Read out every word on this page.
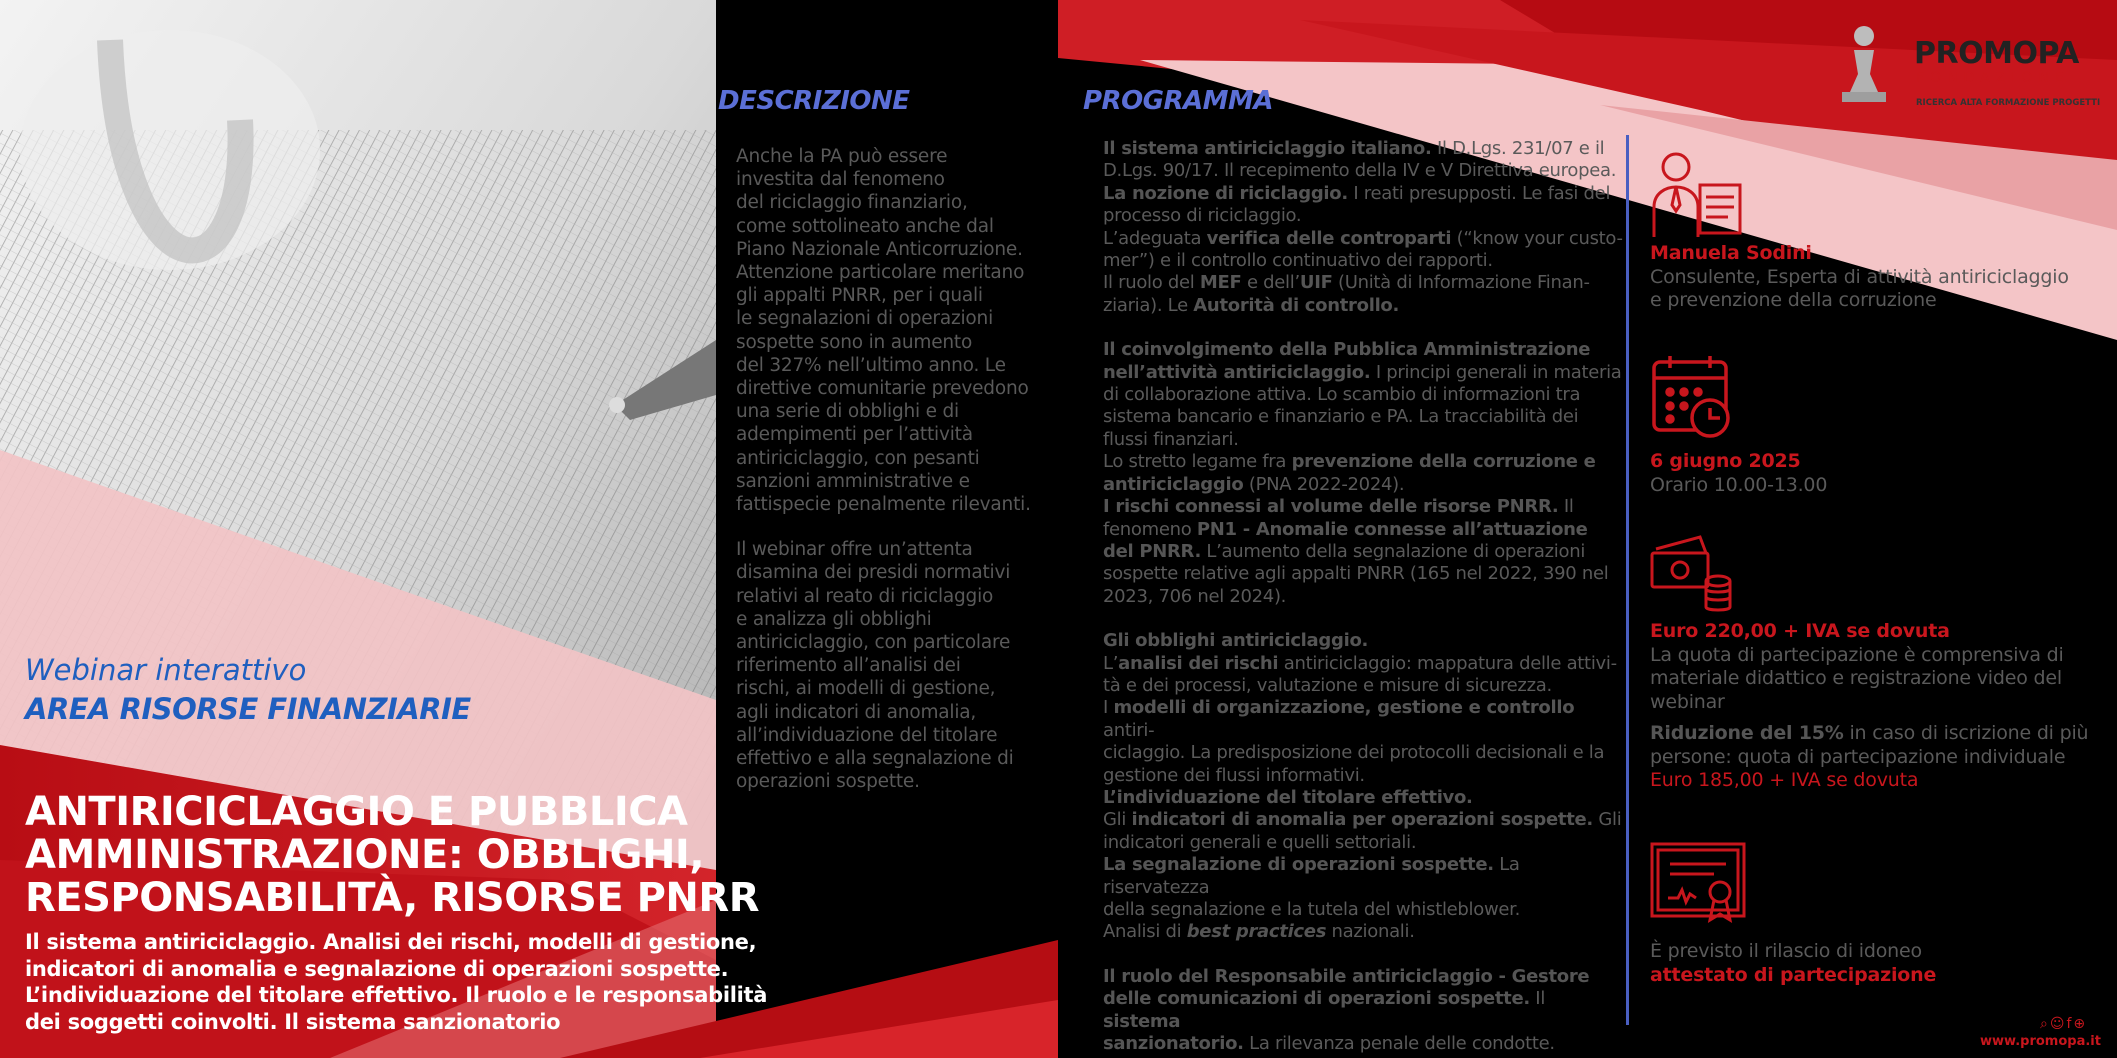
PROMOPA
FONDAZIONE
RICERCA ALTA FORMAZIONE PROGETTI
Webinar interattivo
AREA RISORSE FINANZIARIE
ANTIRICICLAGGIO E PUBBLICA
AMMINISTRAZIONE: OBBLIGHI,
RESPONSABILITÀ, RISORSE PNRR
Il sistema antiriciclaggio. Analisi dei rischi, modelli di gestione,
indicatori di anomalia e segnalazione di operazioni sospette.
L’individuazione del titolare effettivo. Il ruolo e le responsabilità
dei soggetti coinvolti. Il sistema sanzionatorio
DESCRIZIONE

Anche la PA può essere
investita dal fenomeno
del riciclaggio finanziario,
come sottolineato anche dal
Piano Nazionale Anticorruzione.
Attenzione particolare meritano
gli appalti PNRR, per i quali
le segnalazioni di operazioni
sospette sono in aumento
del 327% nell’ultimo anno. Le
direttive comunitarie prevedono
una serie di obblighi e di
adempimenti per l’attività
antiriciclaggio, con pesanti
sanzioni amministrative e
fattispecie penalmente rilevanti.

Il webinar offre un’attenta
disamina dei presidi normativi
relativi al reato di riciclaggio
e analizza gli obblighi
antiriciclaggio, con particolare
riferimento all’analisi dei
rischi, ai modelli di gestione,
agli indicatori di anomalia,
all’individuazione del titolare
effettivo e alla segnalazione di
operazioni sospette.

PROGRAMMA

Il sistema antiriciclaggio italiano. Il D.Lgs. 231/07 e il
D.Lgs. 90/17. Il recepimento della IV e V Direttiva europea.
La nozione di riciclaggio. I reati presupposti. Le fasi del
processo di riciclaggio.
L’adeguata verifica delle controparti (“know your custo-
mer”) e il controllo continuativo dei rapporti.
Il ruolo del MEF e dell’UIF (Unità di Informazione Finan-
ziaria). Le Autorità di controllo.

Il coinvolgimento della Pubblica Amministrazione
nell’attività antiriciclaggio. I principi generali in materia
di collaborazione attiva. Lo scambio di informazioni tra
sistema bancario e finanziario e PA. La tracciabilità dei
flussi finanziari.
Lo stretto legame fra prevenzione della corruzione e
antiriciclaggio (PNA 2022-2024).
I rischi connessi al volume delle risorse PNRR. Il
fenomeno PN1 - Anomalie connesse all’attuazione
del PNRR. L’aumento della segnalazione di operazioni
sospette relative agli appalti PNRR (165 nel 2022, 390 nel
2023, 706 nel 2024).

Gli obblighi antiriciclaggio.
L’analisi dei rischi antiriciclaggio: mappatura delle attivi-
tà e dei processi, valutazione e misure di sicurezza.
I modelli di organizzazione, gestione e controllo antiri-
ciclaggio. La predisposizione dei protocolli decisionali e la
gestione dei flussi informativi.
L’individuazione del titolare effettivo.
Gli indicatori di anomalia per operazioni sospette. Gli
indicatori generali e quelli settoriali.
La segnalazione di operazioni sospette. La riservatezza
della segnalazione e la tutela del whistleblower.
Analisi di best practices nazionali.

Il ruolo del Responsabile antiriciclaggio - Gestore
delle comunicazioni di operazioni sospette. Il sistema
sanzionatorio. La rilevanza penale delle condotte.

Manuela Sodini
Consulente, Esperta di attività antiriciclaggio
e prevenzione della corruzione
6 giugno 2025
Orario 10.00-13.00
Euro 220,00 + IVA se dovuta
La quota di partecipazione è comprensiva di
materiale didattico e registrazione video del
webinar
Riduzione del 15% in caso di iscrizione di più
persone: quota di partecipazione individuale
Euro 185,00 + IVA se dovuta
È previsto il rilascio di idoneo
attestato di partecipazione
⌕☺f⊕
www.promopa.it
